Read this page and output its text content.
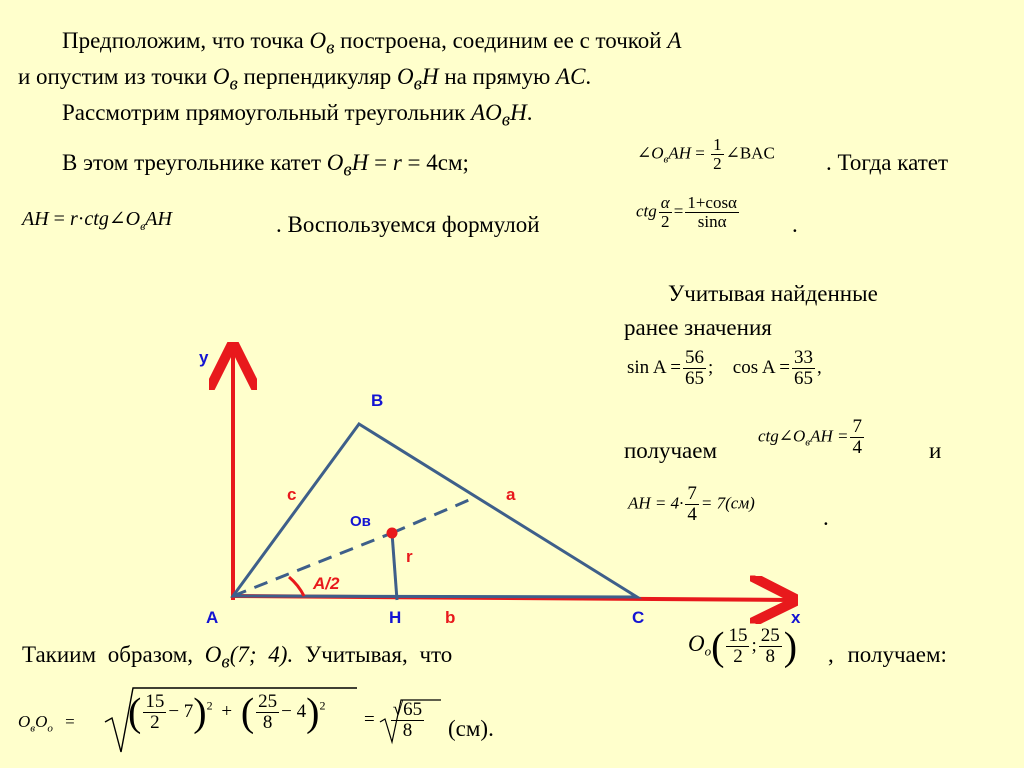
Предположим, что точка $O_в$ построена, соединим ее с точкой A
и опустим из точки $O_в$ перпендикуляр $O_вH$ на прямую AC.
Рассмотрим прямоугольный треугольник $AO_вH$.
В этом треугольнике катет $O_вH = r = 4см$;	$\angle O_вAH = \frac{1}{2}$ ∠BAC . Тогда катет
AH = $r\cdot ctg\angle O_вAH$	. Воспользуемся формулой
ctg $\frac{\alpha}{2} = \frac{1+\cos\alpha}{\sin\alpha}$ .
Учитывая найденные
ранее значения
$\sin A = \frac{56}{65}$ ; $\cos A = \frac{33}{65}$ ,
получаем
$ctg\angle O_вAH = \frac{7}{4}$	и
AH = $4\cdot \frac{7}{4} = 7(см)$
.
y
x
B
A	C
H
a
b
c
Oв
r
A/2
Такиим образом, $O_в(7$; 4). Учитывая, что	$O_о( \frac{15}{2}$ ; $\frac{25}{8}$ ) , получаем:
$O_вO_о$ = ( $\frac{15}{2} - 7)^2$ + ( $\frac{25}{8} - 4)^2$
= $\frac{√65}{8} (см)$.
